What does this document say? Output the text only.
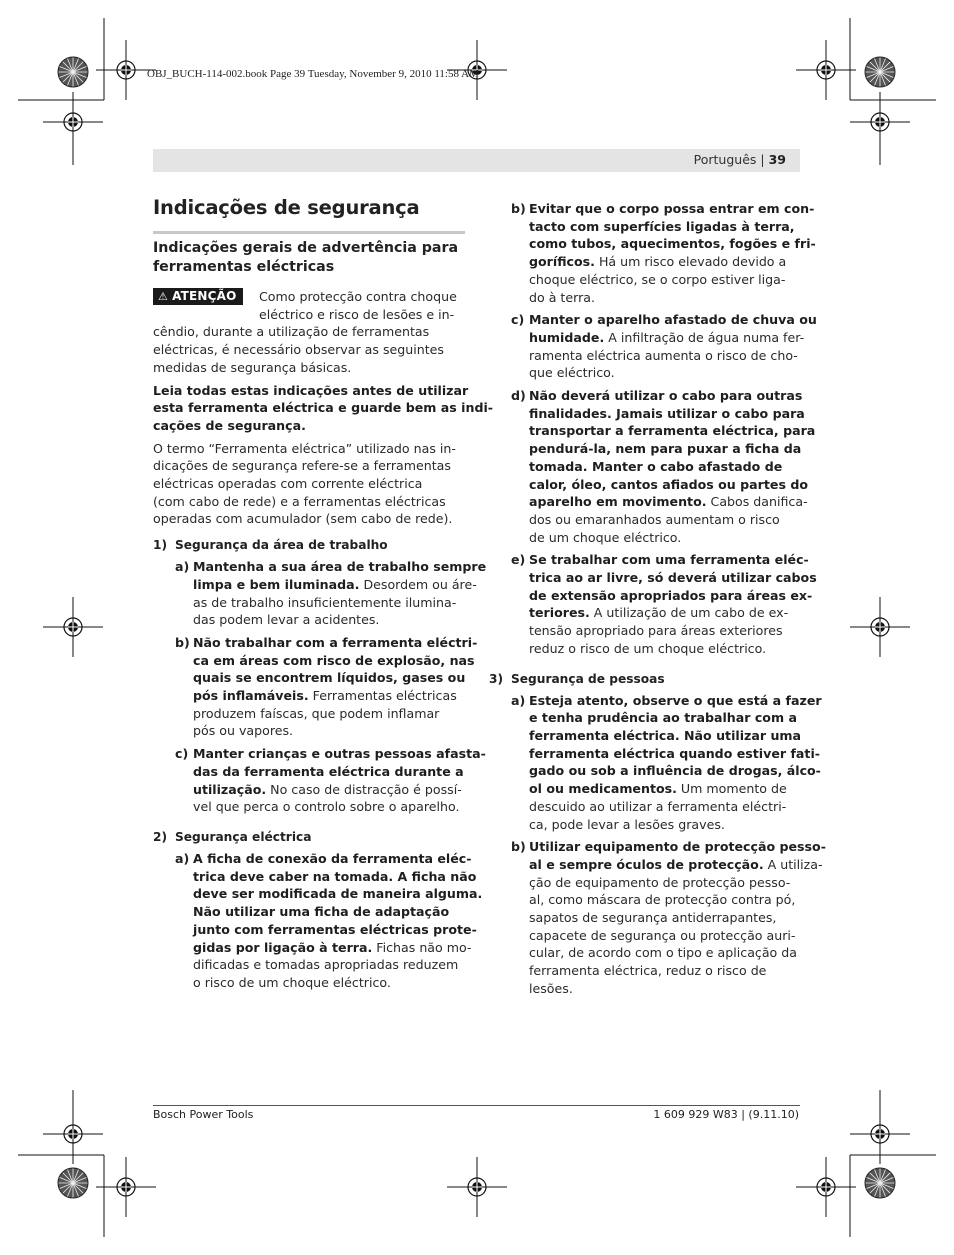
OBJ_BUCH-114-002.book Page 39 Tuesday, November 9, 2010 11:58 AM
Português | 39
Indicações de segurança
Indicações gerais de advertência para
ferramentas eléctricas
⚠ ATENÇÃO	Como protecção contra choque
eléctrico e risco de lesões e in-
cêndio, durante a utilização de ferramentas
eléctricas, é necessário observar as seguintes
medidas de segurança básicas.

Leia todas estas indicações antes de utilizar
esta ferramenta eléctrica e guarde bem as indi-
cações de segurança.

O termo “Ferramenta eléctrica” utilizado nas in-
dicações de segurança refere-se a ferramentas
eléctricas operadas com corrente eléctrica
(com cabo de rede) e a ferramentas eléctricas
operadas com acumulador (sem cabo de rede).

1) Segurança da área de trabalho
a) Mantenha a sua área de trabalho sempre
limpa e bem iluminada. Desordem ou áre-
as de trabalho insuficientemente ilumina-
das podem levar a acidentes.

b) Não trabalhar com a ferramenta eléctri-
ca em áreas com risco de explosão, nas
quais se encontrem líquidos, gases ou
pós inflamáveis. Ferramentas eléctricas
produzem faíscas, que podem inflamar
pós ou vapores.

c) Manter crianças e outras pessoas afasta-
das da ferramenta eléctrica durante a
utilização. No caso de distracção é possí-
vel que perca o controlo sobre o aparelho.

2) Segurança eléctrica
a) A ficha de conexão da ferramenta eléc-
trica deve caber na tomada. A ficha não
deve ser modificada de maneira alguma.
Não utilizar uma ficha de adaptação
junto com ferramentas eléctricas prote-
gidas por ligação à terra. Fichas não mo-
dificadas e tomadas apropriadas reduzem
o risco de um choque eléctrico.

b) Evitar que o corpo possa entrar em con-
tacto com superfícies ligadas à terra,
como tubos, aquecimentos, fogões e fri-
goríficos. Há um risco elevado devido a
choque eléctrico, se o corpo estiver liga-
do à terra.

c) Manter o aparelho afastado de chuva ou
humidade. A infiltração de água numa fer-
ramenta eléctrica aumenta o risco de cho-
que eléctrico.

d) Não deverá utilizar o cabo para outras
finalidades. Jamais utilizar o cabo para
transportar a ferramenta eléctrica, para
pendurá-la, nem para puxar a ficha da
tomada. Manter o cabo afastado de
calor, óleo, cantos afiados ou partes do
aparelho em movimento. Cabos danifica-
dos ou emaranhados aumentam o risco
de um choque eléctrico.

e) Se trabalhar com uma ferramenta eléc-
trica ao ar livre, só deverá utilizar cabos
de extensão apropriados para áreas ex-
teriores. A utilização de um cabo de ex-
tensão apropriado para áreas exteriores
reduz o risco de um choque eléctrico.

3) Segurança de pessoas
a) Esteja atento, observe o que está a fazer
e tenha prudência ao trabalhar com a
ferramenta eléctrica. Não utilizar uma
ferramenta eléctrica quando estiver fati-
gado ou sob a influência de drogas, álco-
ol ou medicamentos. Um momento de
descuido ao utilizar a ferramenta eléctri-
ca, pode levar a lesões graves.

b) Utilizar equipamento de protecção pesso-
al e sempre óculos de protecção. A utiliza-
ção de equipamento de protecção pesso-
al, como máscara de protecção contra pó,
sapatos de segurança antiderrapantes,
capacete de segurança ou protecção auri-
cular, de acordo com o tipo e aplicação da
ferramenta eléctrica, reduz o risco de
lesões.

Bosch Power Tools	1 609 929 W83 | (9.11.10)
